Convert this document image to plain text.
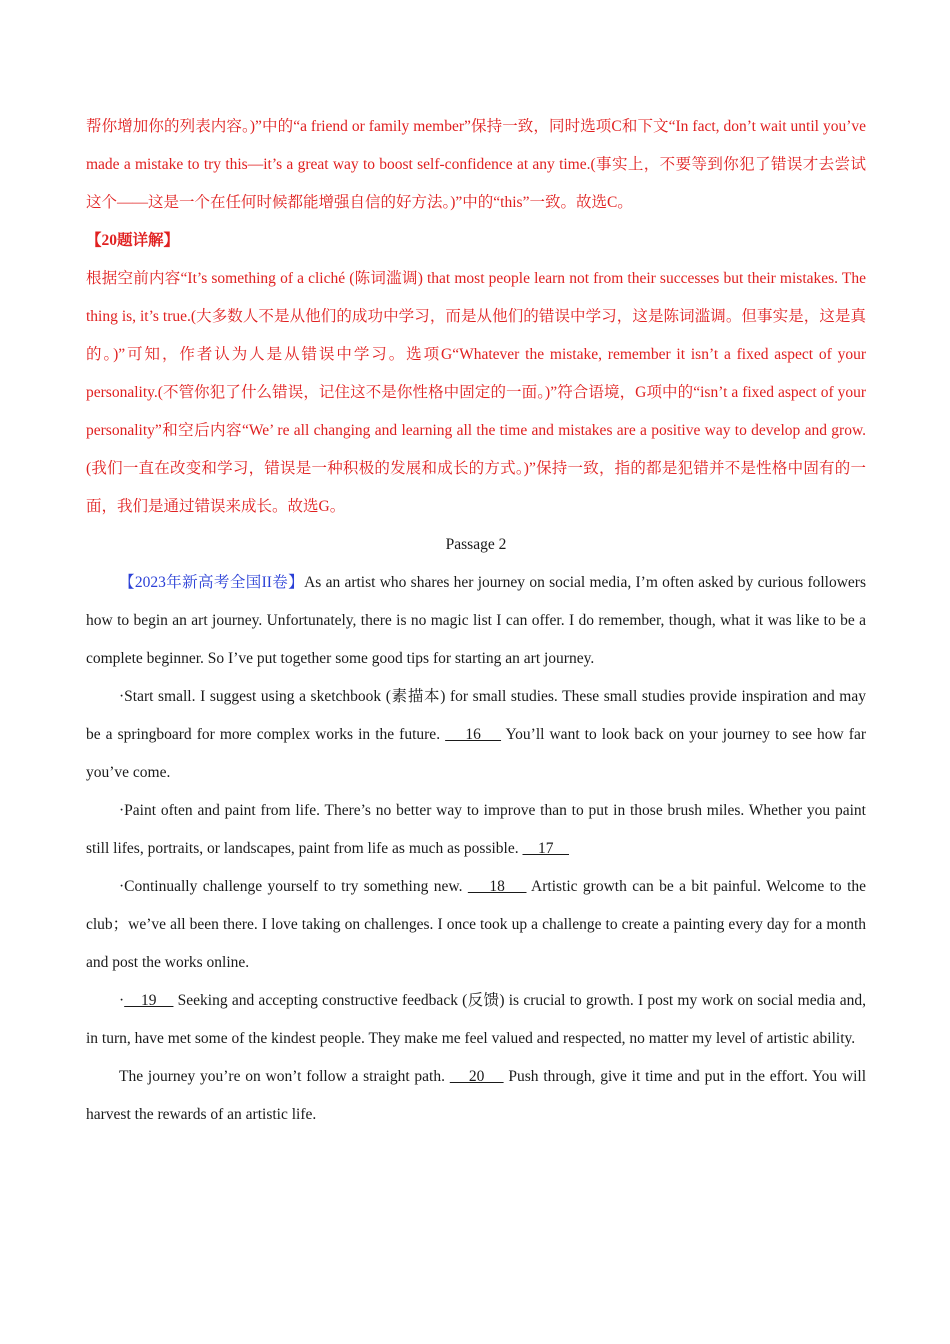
帮你增加你的列表内容。)”中的“a friend or family member”保持一致，同时选项C和下文“In fact, don’t wait until you’ve made a mistake to try this—it’s a great way to boost self-confidence at any time.(事实上，不要等到你犯了错误才去尝试这个——这是一个在任何时候都能增强自信的好方法。)”中的“this”一致。故选C。

【20题详解】

根据空前内容“It’s something of a cliché (陈词滥调) that most people learn not from their successes but their mistakes. The thing is, it’s true.(大多数人不是从他们的成功中学习，而是从他们的错误中学习，这是陈词滥调。但事实是，这是真的。)”可知，作者认为人是从错误中学习。选项G“Whatever the mistake, remember it isn’t a fixed aspect of your personality.(不管你犯了什么错误，记住这不是你性格中固定的一面。)”符合语境，G项中的“isn’t a fixed aspect of your personality”和空后内容“We’ re all changing and learning all the time and mistakes are a positive way to develop and grow.(我们一直在改变和学习，错误是一种积极的发展和成长的方式。)”保持一致，指的都是犯错并不是性格中固有的一面，我们是通过错误来成长。故选G。

Passage 2

【2023年新高考全国II卷】As an artist who shares her journey on social media, I’m often asked by curious followers how to begin an art journey. Unfortunately, there is no magic list I can offer. I do remember, though, what it was like to be a complete beginner. So I’ve put together some good tips for starting an art journey.

·Start small. I suggest using a sketchbook (素描本) for small studies. These small studies provide inspiration and may be a springboard for more complex works in the future.     16     You’ll want to look back on your journey to see how far you’ve come.

·Paint often and paint from life. There’s no better way to improve than to put in those brush miles. Whether you paint still lifes, portraits, or landscapes, paint from life as much as possible.     17

·Continually challenge yourself to try something new.     18     Artistic growth can be a bit painful. Welcome to the club；we’ve all been there. I love taking on challenges. I once took up a challenge to create a painting every day for a month and post the works online.

·    19     Seeking and accepting constructive feedback (反馈) is crucial to growth. I post my work on social media and, in turn, have met some of the kindest people. They make me feel valued and respected, no matter my level of artistic ability.

The journey you’re on won’t follow a straight path.     20     Push through, give it time and put in the effort. You will harvest the rewards of an artistic life.
